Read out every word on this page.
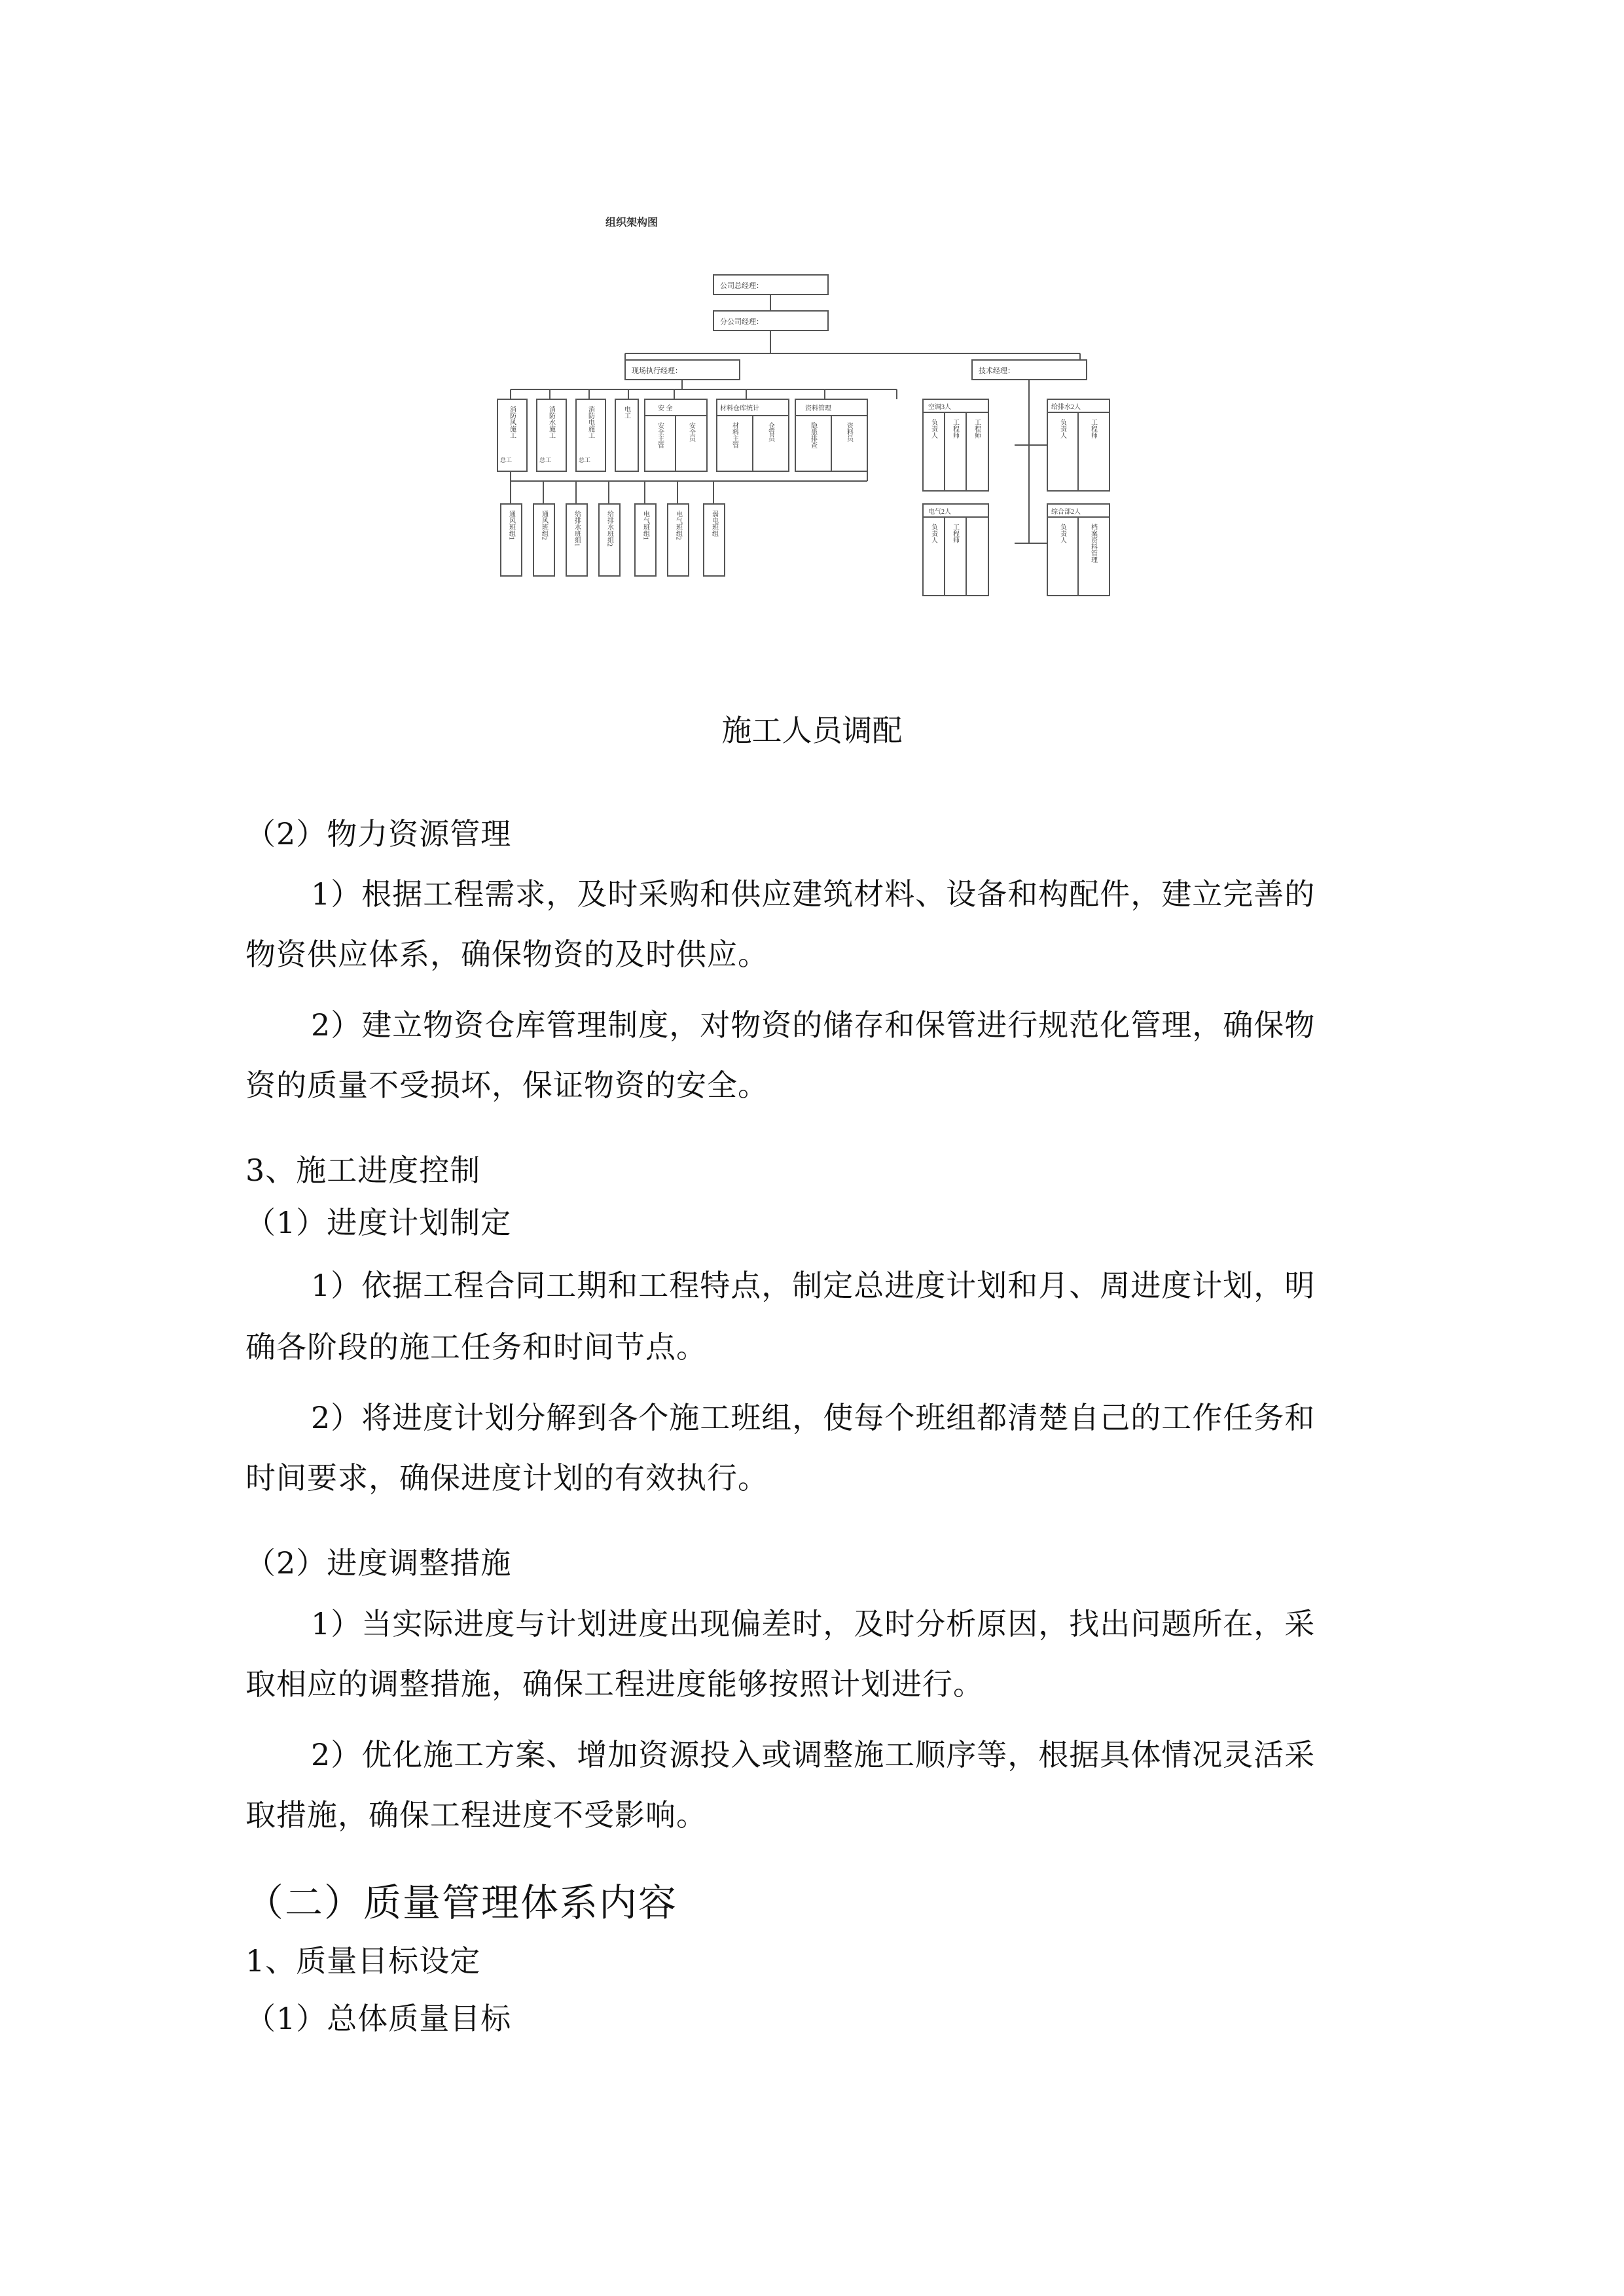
组织架构图
公司总经理：
分公司经理：
现场执行经理：	技术经理：
安 全	材料仓库统计	资料管理	空调3人	给排水2人
电气2人	综合部2人
消防风施工	消防水施工	消防电施工	电工
安全主管	安全员	材料主管	仓管员	隐患排查	资料员	负责人 工程师 工程师	负责人	工程师
负责人 工程师	负责人	档案资料管理
通风班组1	通风班组2	给排水班组1	给排水班组2	电气班组1	电气班组2	弱电班组
总工	总工	总工
施工人员调配
（2）物力资源管理
1）根据工程需求，及时采购和供应建筑材料、设备和构配件，建立完善的
物资供应体系，确保物资的及时供应。
2）建立物资仓库管理制度，对物资的储存和保管进行规范化管理，确保物
资的质量不受损坏，保证物资的安全。
3、施工进度控制
（1）进度计划制定
1）依据工程合同工期和工程特点，制定总进度计划和月、周进度计划，明
确各阶段的施工任务和时间节点。
2）将进度计划分解到各个施工班组，使每个班组都清楚自己的工作任务和
时间要求，确保进度计划的有效执行。
（2）进度调整措施
1）当实际进度与计划进度出现偏差时，及时分析原因，找出问题所在，采
取相应的调整措施，确保工程进度能够按照计划进行。
2）优化施工方案、增加资源投入或调整施工顺序等，根据具体情况灵活采
取措施，确保工程进度不受影响。
（二）质量管理体系内容
1、质量目标设定
（1）总体质量目标
